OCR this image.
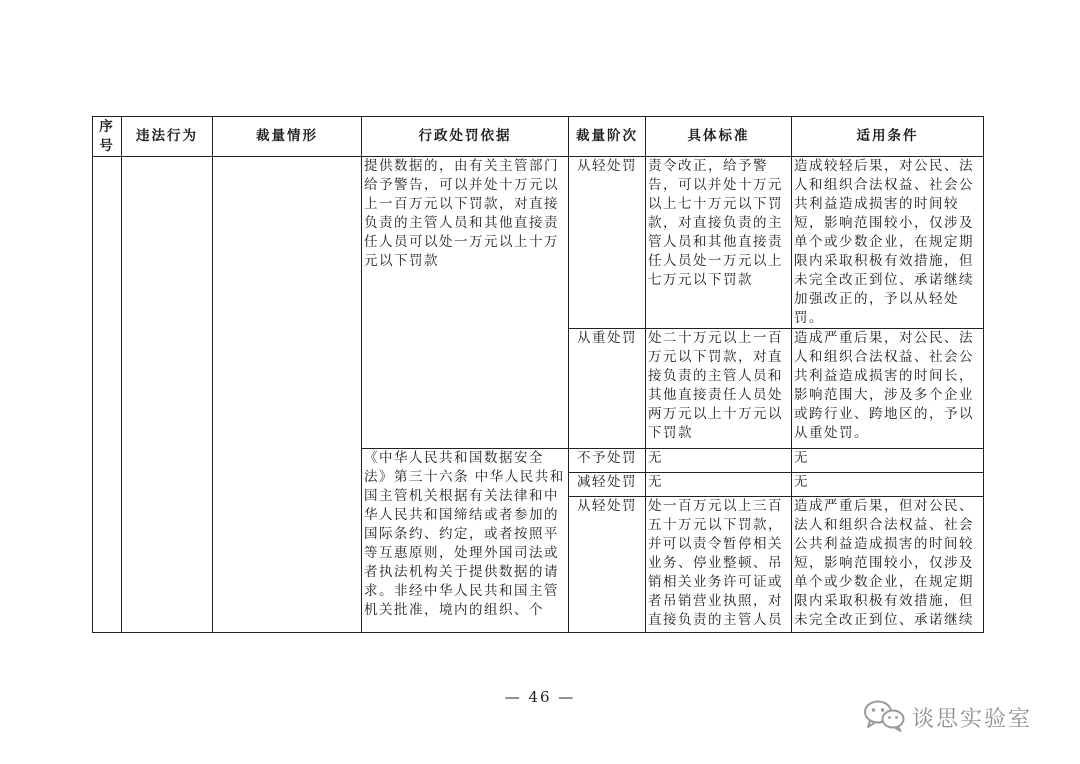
序号	违法行为	裁量情形	行政处罚依据	裁量阶次	具体标准	适用条件
			提供数据的，由有关主管部门给予警告，可以并处十万元以上一百万元以下罚款，对直接负责的主管人员和其他直接责任人员可以处一万元以上十万元以下罚款	从轻处罚	责令改正，给予警告，可以并处十万元以上七十万元以下罚款，对直接负责的主管人员和其他直接责任人员处一万元以上七万元以下罚款	造成较轻后果，对公民、法人和组织合法权益、社会公共利益造成损害的时间较短，影响范围较小，仅涉及单个或少数企业，在规定期限内采取积极有效措施，但未完全改正到位、承诺继续加强改正的，予以从轻处罚。
				从重处罚	处二十万元以上一百万元以下罚款，对直接负责的主管人员和其他直接责任人员处两万元以上十万元以下罚款	造成严重后果，对公民、法人和组织合法权益、社会公共利益造成损害的时间长，影响范围大，涉及多个企业或跨行业、跨地区的，予以从重处罚。

			《中华人民共和国数据安全法》第三十六条 中华人民共和国主管机关根据有关法律和中华人民共和国缔结或者参加的国际条约、约定，或者按照平等互惠原则，处理外国司法或者执法机构关于提供数据的请求。非经中华人民共和国主管机关批准，境内的组织、个	不予处罚	无	无
				减轻处罚	无	无
				从轻处罚	处一百万元以上三百五十万元以下罚款，并可以责令暂停相关业务、停业整顿、吊销相关业务许可证或者吊销营业执照，对直接负责的主管人员	造成严重后果，但对公民、法人和组织合法权益、社会公共利益造成损害的时间较短，影响范围较小，仅涉及单个或少数企业，在规定期限内采取积极有效措施，但未完全改正到位、承诺继续
— 46 —
谈思实验室
